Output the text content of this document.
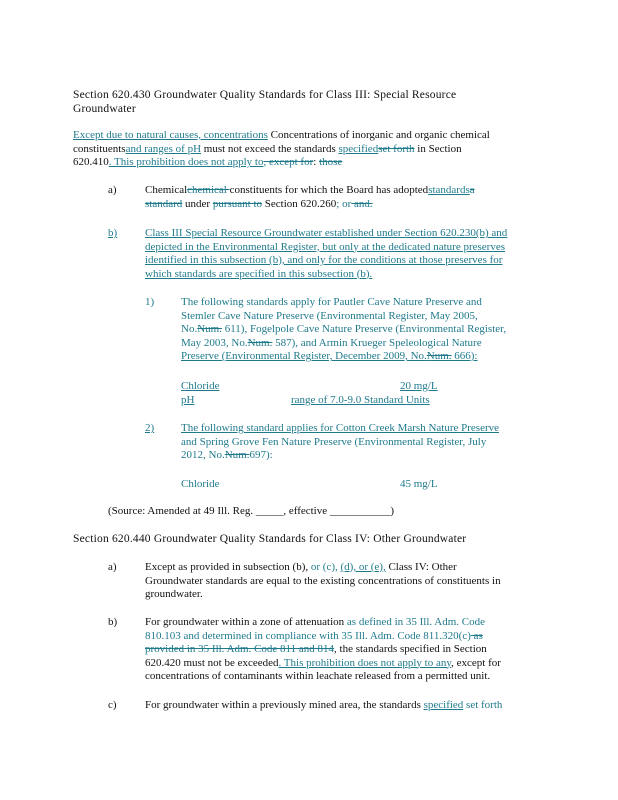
Section 620.430 Groundwater Quality Standards for Class III: Special Resource
Groundwater
Except due to natural causes, concentrations Concentrations of inorganic and organic chemical
constituentsand ranges of pH must not exceed the standards specifiedset forth in Section
620.410. This prohibition does not apply to, except for: those
a)	Chemicalchemical constituents for which the Board has adoptedstandardsa
standard under pursuant to Section 620.260; or and.
b)	Class III Special Resource Groundwater established under Section 620.230(b) and
depicted in the Environmental Register, but only at the dedicated nature preserves
identified in this subsection (b), and only for the conditions at those preserves for
which standards are specified in this subsection (b).
1) The following standards apply for Pautler Cave Nature Preserve and
Stemler Cave Nature Preserve (Environmental Register, May 2005,
No.Num. 611), Fogelpole Cave Nature Preserve (Environmental Register,
May 2003, No.Num. 587), and Armin Krueger Speleological Nature
Preserve (Environmental Register, December 2009, No.Num. 666):
Chloride	20 mg/L
pH	range of 7.0-9.0 Standard Units
2) The following standard applies for Cotton Creek Marsh Nature Preserve
and Spring Grove Fen Nature Preserve (Environmental Register, July
2012, No.Num.697):
Chloride	45 mg/L
(Source: Amended at 49 Ill. Reg. _____, effective ___________)
Section 620.440 Groundwater Quality Standards for Class IV: Other Groundwater
a)	Except as provided in subsection (b), or (c), (d), or (e), Class IV: Other
Groundwater standards are equal to the existing concentrations of constituents in
groundwater.
b)	For groundwater within a zone of attenuation as defined in 35 Ill. Adm. Code
810.103 and determined in compliance with 35 Ill. Adm. Code 811.320(c) as
provided in 35 Ill. Adm. Code 811 and 814, the standards specified in Section
620.420 must not be exceeded. This prohibition does not apply to any, except for
concentrations of contaminants within leachate released from a permitted unit.
c)	For groundwater within a previously mined area, the standards specified set forth
